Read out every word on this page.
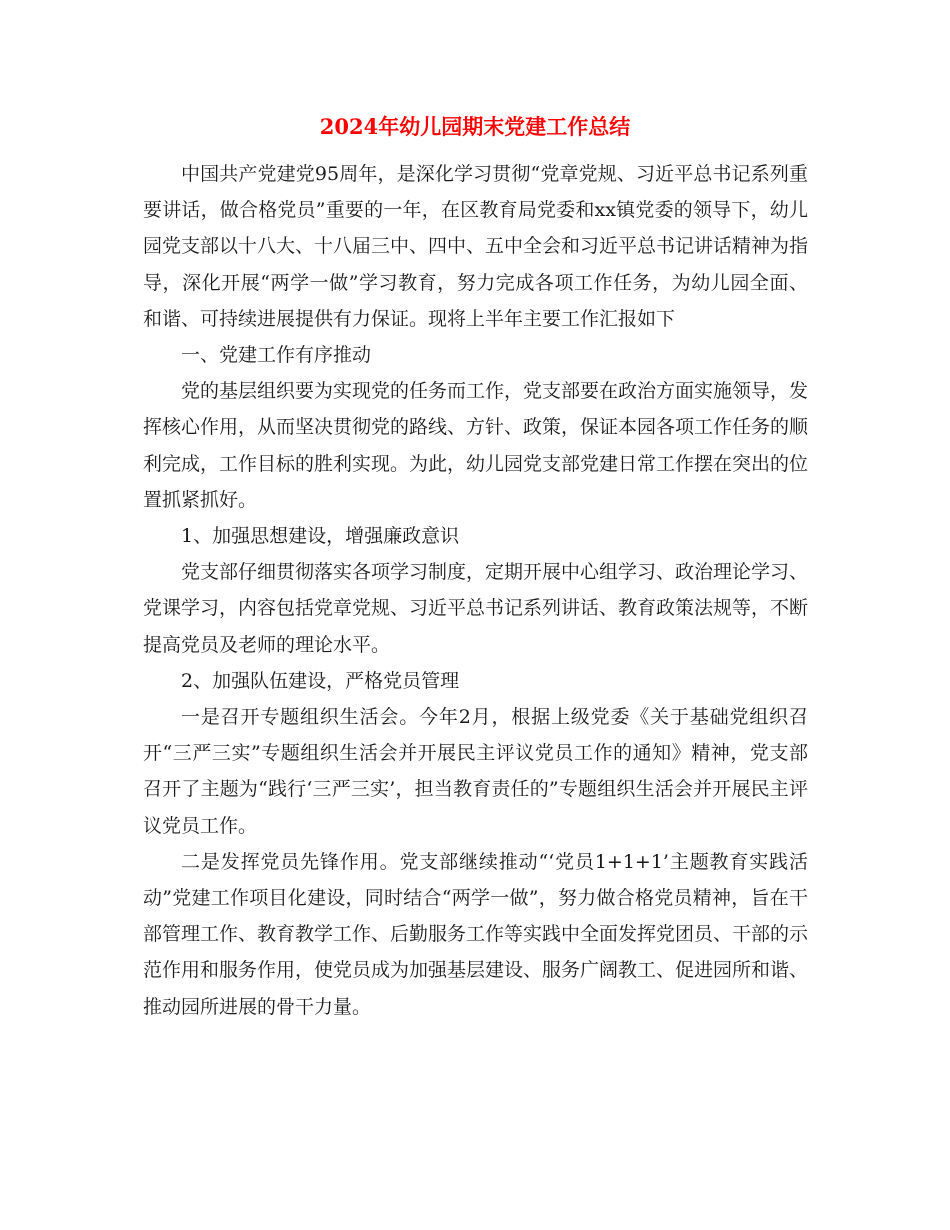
2024年幼儿园期末党建工作总结

中国共产党建党95周年，是深化学习贯彻“党章党规、习近平总书记系列重要讲话，做合格党员”重要的一年，在区教育局党委和xx镇党委的领导下，幼儿园党支部以十八大、十八届三中、四中、五中全会和习近平总书记讲话精神为指导，深化开展“两学一做”学习教育，努力完成各项工作任务，为幼儿园全面、和谐、可持续进展提供有力保证。现将上半年主要工作汇报如下

一、党建工作有序推动

党的基层组织要为实现党的任务而工作，党支部要在政治方面实施领导，发挥核心作用，从而坚决贯彻党的路线、方针、政策，保证本园各项工作任务的顺利完成，工作目标的胜利实现。为此，幼儿园党支部党建日常工作摆在突出的位置抓紧抓好。

1、加强思想建设，增强廉政意识

党支部仔细贯彻落实各项学习制度，定期开展中心组学习、政治理论学习、党课学习，内容包括党章党规、习近平总书记系列讲话、教育政策法规等，不断提高党员及老师的理论水平。

2、加强队伍建设，严格党员管理

一是召开专题组织生活会。今年2月，根据上级党委《关于基础党组织召开“三严三实”专题组织生活会并开展民主评议党员工作的通知》精神，党支部召开了主题为“践行‘三严三实’，担当教育责任的”专题组织生活会并开展民主评议党员工作。

二是发挥党员先锋作用。党支部继续推动“‘党员1+1+1’主题教育实践活动”党建工作项目化建设，同时结合“两学一做”，努力做合格党员精神，旨在干部管理工作、教育教学工作、后勤服务工作等实践中全面发挥党团员、干部的示范作用和服务作用，使党员成为加强基层建设、服务广阔教工、促进园所和谐、推动园所进展的骨干力量。
